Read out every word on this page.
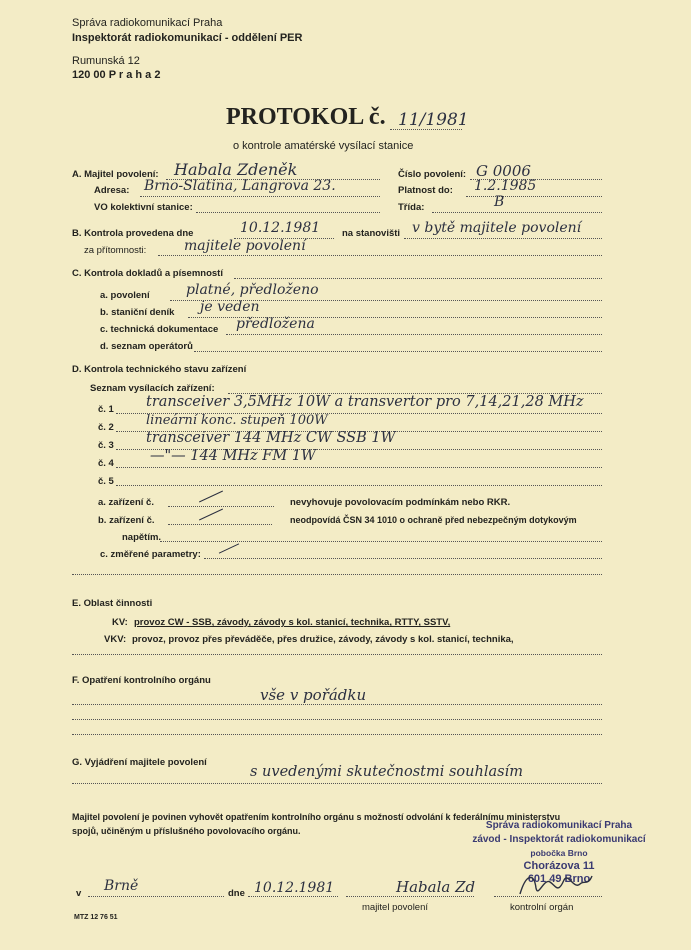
Správa radiokomunikací Praha
Inspektorát radiokomunikací - oddělení PER
Rumunská 12
120 00 P r a h a 2
PROTOKOL č. 11/1981
o kontrole amatérské vysílací stanice
A. Majitel povolení: Habala Zdeněk
Adresa: Brno-Slatina, Langrova 23.
VO kolektivní stanice:
Číslo povolení: G 0006
Platnost do: 1.2.1985
Třída:	B
B. Kontrola provedena dne	10.12.1981 na stanovišti v bytě majitele povolení
za přítomnosti:	majitele povolení
C. Kontrola dokladů a písemností
a. povolení	platné, předloženo
b. staniční deník je veden
c. technická dokumentace předložena
d. seznam operátorů
D. Kontrola technického stavu zařízení
Seznam vysílacích zařízení:
č. 1 transceiver 3,5MHz 10W a transvertor pro 7,14,21,28 MHz
č. 2 lineární konc. stupeň 100W
č. 3 transceiver 144 MHz CW SSB 1W
č. 4 —"— 144 MHz FM 1W
č. 5
a. zařízení č.	nevyhovuje povolovacím podmínkám nebo RKR.
b. zařízení č.	neodpovídá ČSN 34 1010 o ochraně před nebezpečným dotykovým
napětím.
c. změřené parametry:
E. Oblast činnosti
KV: provoz CW - SSB, závody, závody s kol. stanicí, technika, RTTY, SSTV,
VKV: provoz, provoz přes převáděče, přes družice, závody, závody s kol. stanicí, technika,
F. Opatření kontrolního orgánu
vše v pořádku
G. Vyjádření majitele povolení
s uvedenými skutečnostmi souhlasím
Majitel povolení je povinen vyhovět opatřením kontrolního orgánu s možností odvolání k federálnímu ministerstvu
spojů, učiněným u příslušného povolovacího orgánu.	Správa radiokomunikací Praha
závod - Inspektorát radiokomunikací
pobočka Brno
Chorázova 11
601 49 Brno
v Brně	dne 10.12.1981	Habala Zd
majitel povolení	kontrolní orgán
MTZ 12 76 51
